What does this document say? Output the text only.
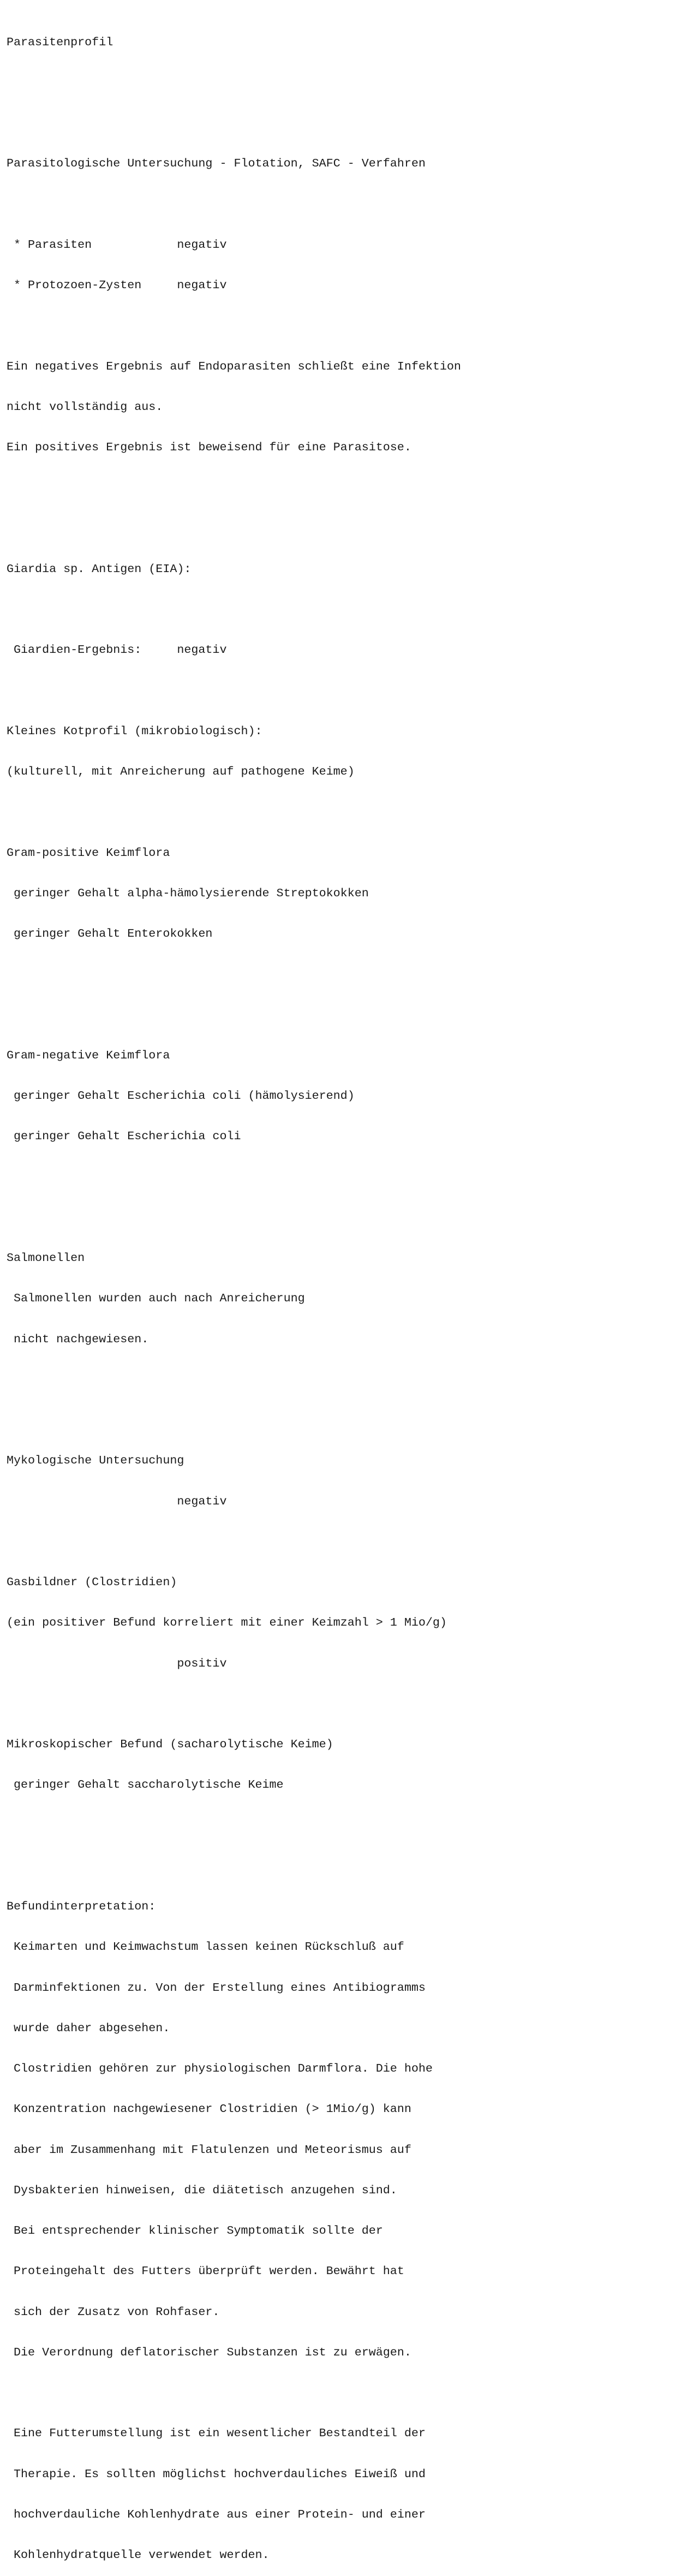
Parasitenprofil

Parasitologische Untersuchung - Flotation, SAFC - Verfahren

* Parasiten            negativ

* Protozoen-Zysten     negativ

Ein negatives Ergebnis auf Endoparasiten schließt eine Infektion

nicht vollständig aus.

Ein positives Ergebnis ist beweisend für eine Parasitose.

Giardia sp. Antigen (EIA):

Giardien-Ergebnis:     negativ

Kleines Kotprofil (mikrobiologisch):

(kulturell, mit Anreicherung auf pathogene Keime)

Gram-positive Keimflora

geringer Gehalt alpha-hämolysierende Streptokokken

geringer Gehalt Enterokokken

Gram-negative Keimflora

geringer Gehalt Escherichia coli (hämolysierend)

geringer Gehalt Escherichia coli

Salmonellen

Salmonellen wurden auch nach Anreicherung

nicht nachgewiesen.

Mykologische Untersuchung

negativ

Gasbildner (Clostridien)

(ein positiver Befund korreliert mit einer Keimzahl > 1 Mio/g)

positiv

Mikroskopischer Befund (sacharolytische Keime)

geringer Gehalt saccharolytische Keime

Befundinterpretation:

Keimarten und Keimwachstum lassen keinen Rückschluß auf

Darminfektionen zu. Von der Erstellung eines Antibiogramms

wurde daher abgesehen.

Clostridien gehören zur physiologischen Darmflora. Die hohe

Konzentration nachgewiesener Clostridien (> 1Mio/g) kann

aber im Zusammenhang mit Flatulenzen und Meteorismus auf

Dysbakterien hinweisen, die diätetisch anzugehen sind.

Bei entsprechender klinischer Symptomatik sollte der

Proteingehalt des Futters überprüft werden. Bewährt hat

sich der Zusatz von Rohfaser.

Die Verordnung deflatorischer Substanzen ist zu erwägen.

Eine Futterumstellung ist ein wesentlicher Bestandteil der

Therapie. Es sollten möglichst hochverdauliches Eiweiß und

hochverdauliche Kohlenhydrate aus einer Protein- und einer

Kohlenhydratquelle verwendet werden.
